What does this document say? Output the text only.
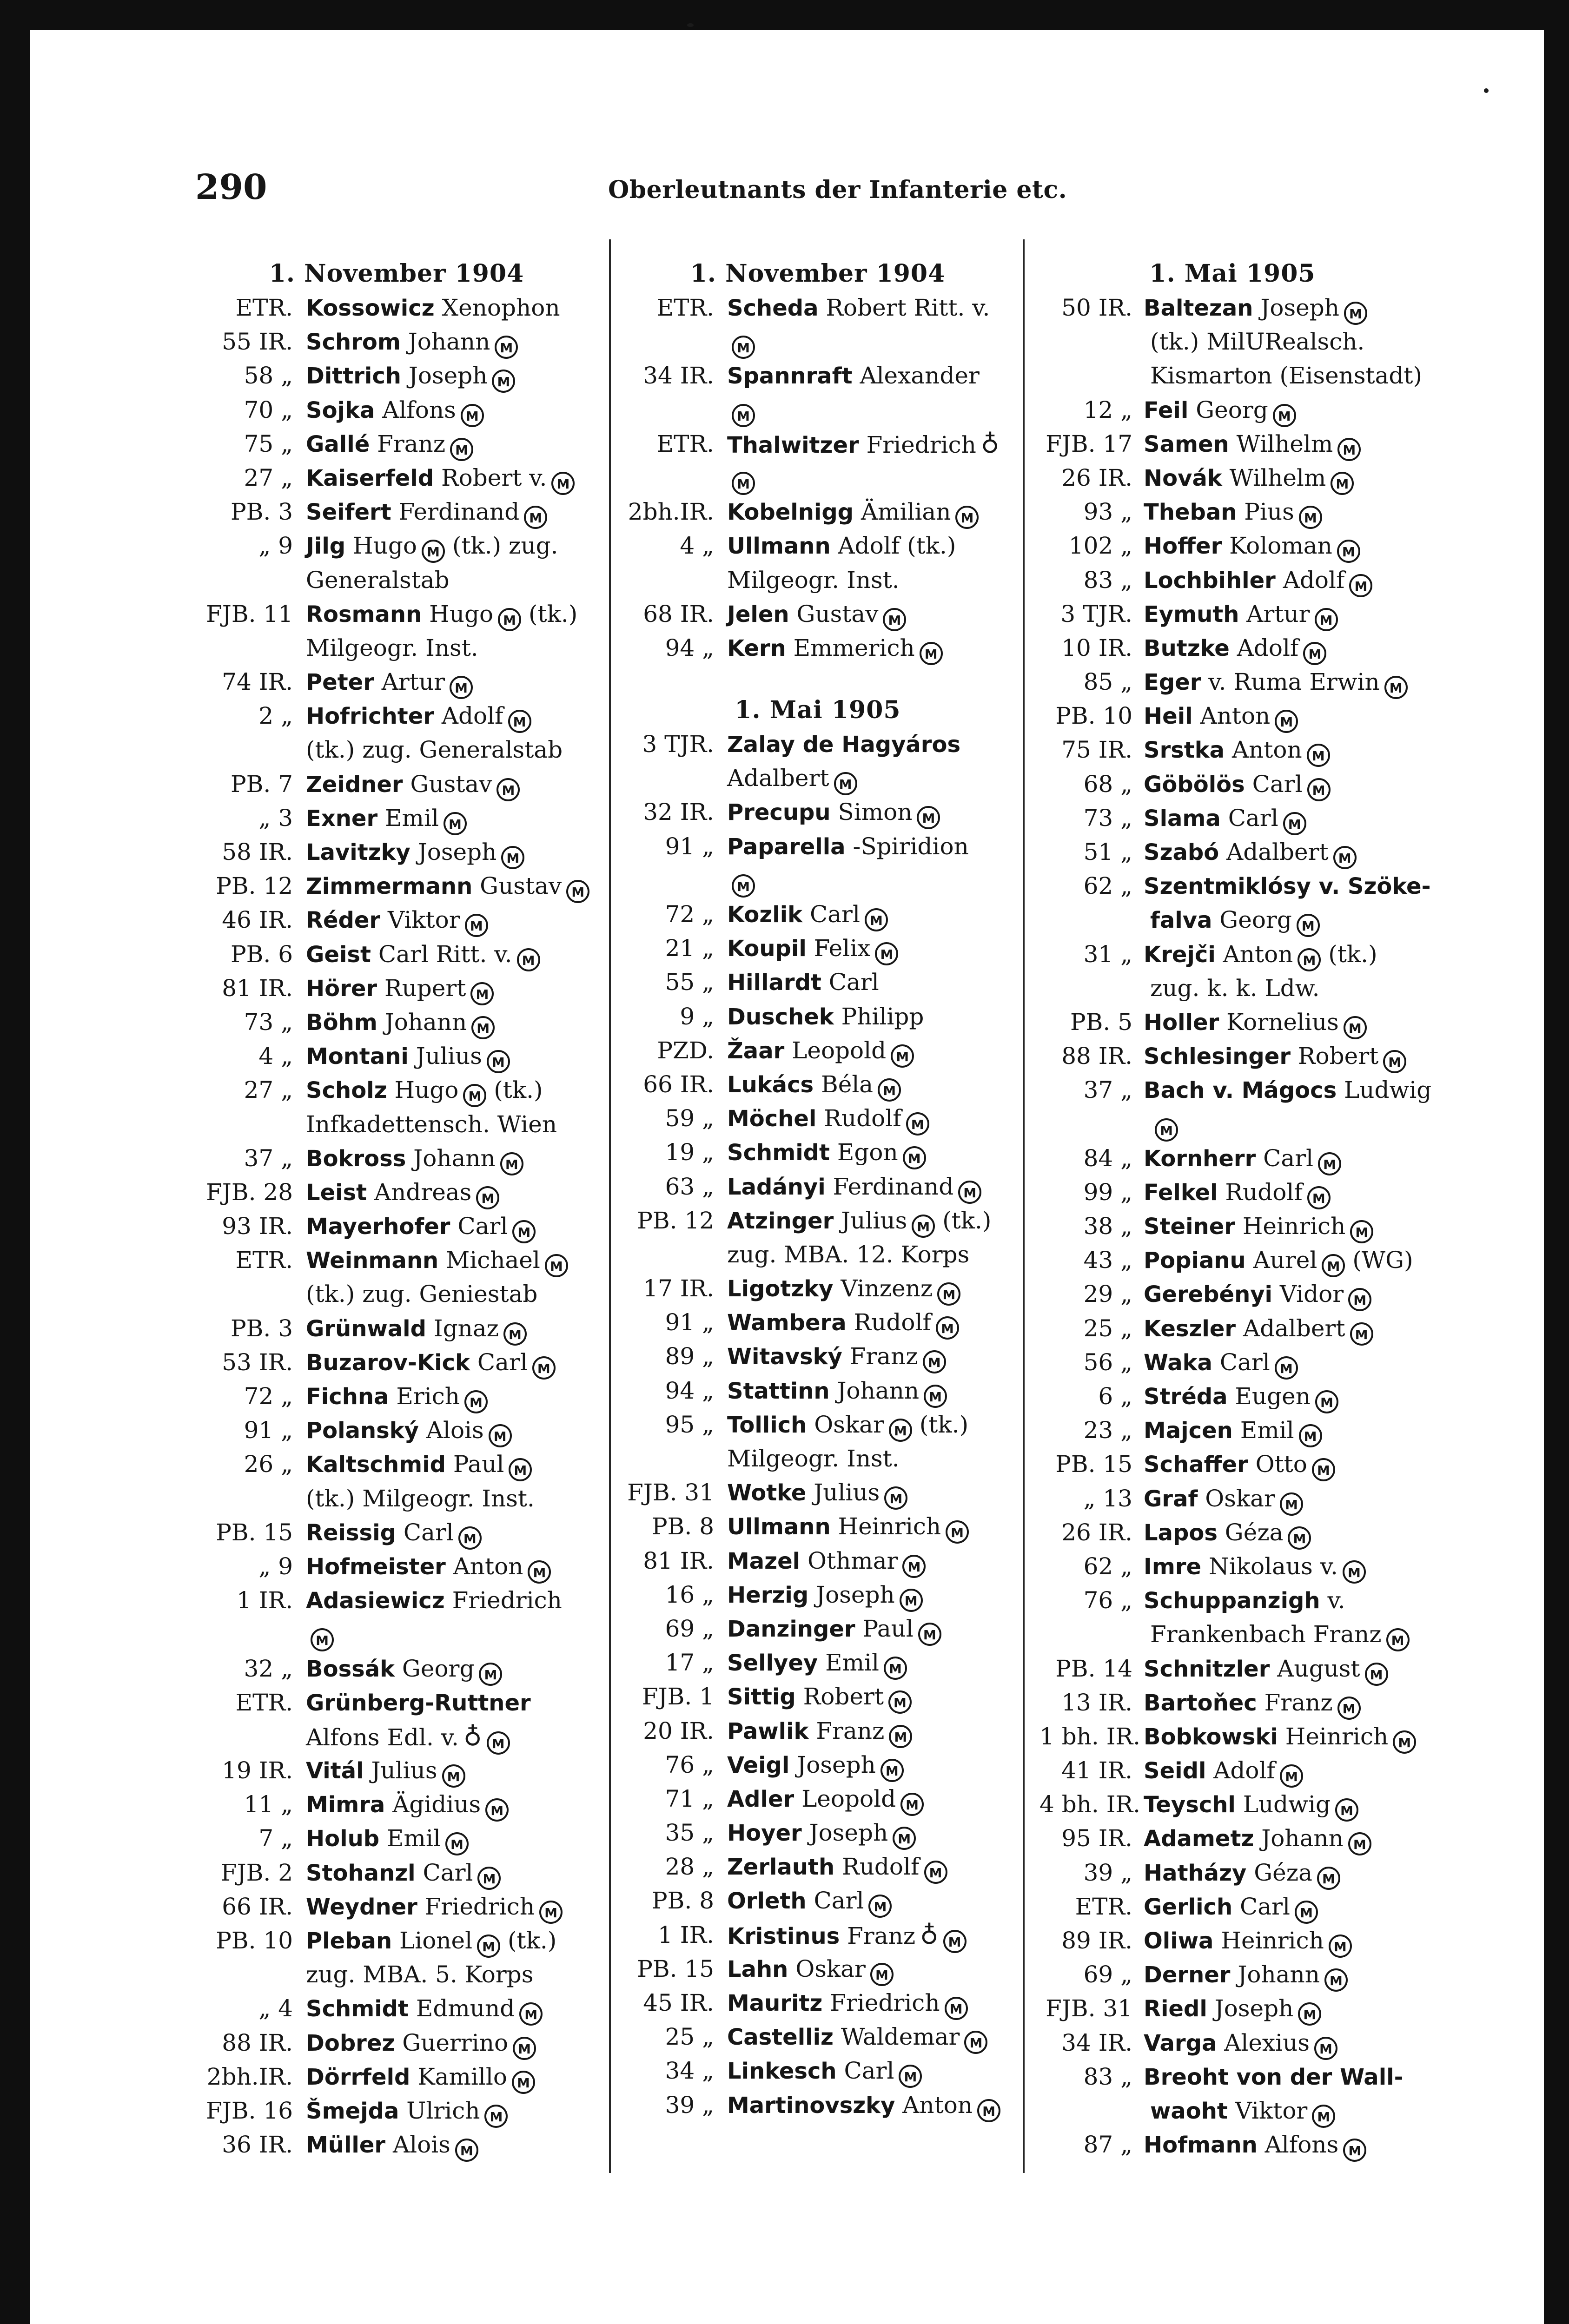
290	Oberleutnants der Infanterie etc.
1. November 1904
ETR. Kossowicz Xenophon
55 IR. Schrom Johann M
58 „ Dittrich Joseph M
70 „ Sojka Alfons M
75 „ Gallé Franz M
27 „ Kaiserfeld Robert v. M
PB. 3 Seifert Ferdinand M
„ 9 Jilg Hugo M (tk.) zug.
Generalstab
FJB. 11 Rosmann Hugo M (tk.)
Milgeogr. Inst.
74 IR. Peter Artur M
2 „ Hofrichter Adolf M
(tk.) zug. Generalstab
PB. 7 Zeidner Gustav M
„ 3 Exner Emil M
58 IR. Lavitzky Joseph M
PB. 12 Zimmermann Gustav M
46 IR. Réder Viktor M
PB. 6 Geist Carl Ritt. v. M
81 IR. Hörer Rupert M
73 „ Böhm Johann M
4 „ Montani Julius M
27 „ Scholz Hugo M (tk.)
Infkadettensch. Wien
37 „ Bokross Johann M
FJB. 28 Leist Andreas M
93 IR. Mayerhofer Carl M
ETR. Weinmann Michael M
(tk.) zug. Geniestab
PB. 3 Grünwald Ignaz M
53 IR. Buzarov-Kick Carl M
72 „ Fichna Erich M
91 „ Polanský Alois M
26 „ Kaltschmid Paul M
(tk.) Milgeogr. Inst.
PB. 15 Reissig Carl M
„ 9 Hofmeister Anton M
1 IR. Adasiewicz Friedrich
M
32 „ Bossák Georg M
ETR. Grünberg-Ruttner
Alfons Edl. v. ♁ M
19 IR. Vitál Julius M
11 „ Mimra Ägidius M
7 „ Holub Emil M
FJB. 2 Stohanzl Carl M
66 IR. Weydner Friedrich M
PB. 10 Pleban Lionel M (tk.)
zug. MBA. 5. Korps
„ 4 Schmidt Edmund M
88 IR. Dobrez Guerrino M
2bh.IR. Dörrfeld Kamillo M
FJB. 16 Šmejda Ulrich M
36 IR. Müller Alois M
1. November 1904
ETR. Scheda Robert Ritt. v.
M
34 IR. Spannraft Alexander
M
ETR. Thalwitzer Friedrich ♁
M
2bh.IR. Kobelnigg Ämilian M
4 „ Ullmann Adolf (tk.)
Milgeogr. Inst.
68 IR. Jelen Gustav M
94 „ Kern Emmerich M
1. Mai 1905
3 TJR. Zalay de Hagyáros
Adalbert M
32 IR. Precupu Simon M
91 „ Paparella -Spiridion
M
72 „ Kozlik Carl M
21 „ Koupil Felix M
55 „ Hillardt Carl
9 „ Duschek Philipp
PZD. Žaar Leopold M
66 IR. Lukács Béla M
59 „ Möchel Rudolf M
19 „ Schmidt Egon M
63 „ Ladányi Ferdinand M
PB. 12 Atzinger Julius M (tk.)
zug. MBA. 12. Korps
17 IR. Ligotzky Vinzenz M
91 „ Wambera Rudolf M
89 „ Witavský Franz M
94 „ Stattinn Johann M
95 „ Tollich Oskar M (tk.)
Milgeogr. Inst.
FJB. 31 Wotke Julius M
PB. 8 Ullmann Heinrich M
81 IR. Mazel Othmar M
16 „ Herzig Joseph M
69 „ Danzinger Paul M
17 „ Sellyey Emil M
FJB. 1 Sittig Robert M
20 IR. Pawlik Franz M
76 „ Veigl Joseph M
71 „ Adler Leopold M
35 „ Hoyer Joseph M
28 „ Zerlauth Rudolf M
PB. 8 Orleth Carl M
1 IR. Kristinus Franz ♁ M
PB. 15 Lahn Oskar M
45 IR. Mauritz Friedrich M
25 „ Castelliz Waldemar M
34 „ Linkesch Carl M
39 „ Martinovszky Anton M
1. Mai 1905
50 IR. Baltezan Joseph M
(tk.) MilURealsch.
Kismarton (Eisenstadt)
12 „ Feil Georg M
FJB. 17 Samen Wilhelm M
26 IR. Novák Wilhelm M
93 „ Theban Pius M
102 „ Hoffer Koloman M
83 „ Lochbihler Adolf M
3 TJR. Eymuth Artur M
10 IR. Butzke Adolf M
85 „ Eger v. Ruma Erwin M
PB. 10 Heil Anton M
75 IR. Srstka Anton M
68 „ Göbölös Carl M
73 „ Slama Carl M
51 „ Szabó Adalbert M
62 „ Szentmiklósy v. Szöke-
falva Georg M
31 „ Krejči Anton M (tk.)
zug. k. k. Ldw.
PB. 5 Holler Kornelius M
88 IR. Schlesinger Robert M
37 „ Bach v. Mágocs Ludwig
M
84 „ Kornherr Carl M
99 „ Felkel Rudolf M
38 „ Steiner Heinrich M
43 „ Popianu Aurel M (WG)
29 „ Gerebényi Vidor M
25 „ Keszler Adalbert M
56 „ Waka Carl M
6 „ Stréda Eugen M
23 „ Majcen Emil M
PB. 15 Schaffer Otto M
„ 13 Graf Oskar M
26 IR. Lapos Géza M
62 „ Imre Nikolaus v. M
76 „ Schuppanzigh v.
Frankenbach Franz M
PB. 14 Schnitzler August M
13 IR. Bartoňec Franz M
1 bh. IR. Bobkowski Heinrich M
41 IR. Seidl Adolf M
4 bh. IR. Teyschl Ludwig M
95 IR. Adametz Johann M
39 „ Hatházy Géza M
ETR. Gerlich Carl M
89 IR. Oliwa Heinrich M
69 „ Derner Johann M
FJB. 31 Riedl Joseph M
34 IR. Varga Alexius M
83 „ Breoht von der Wall-
waoht Viktor M
87 „ Hofmann Alfons M
